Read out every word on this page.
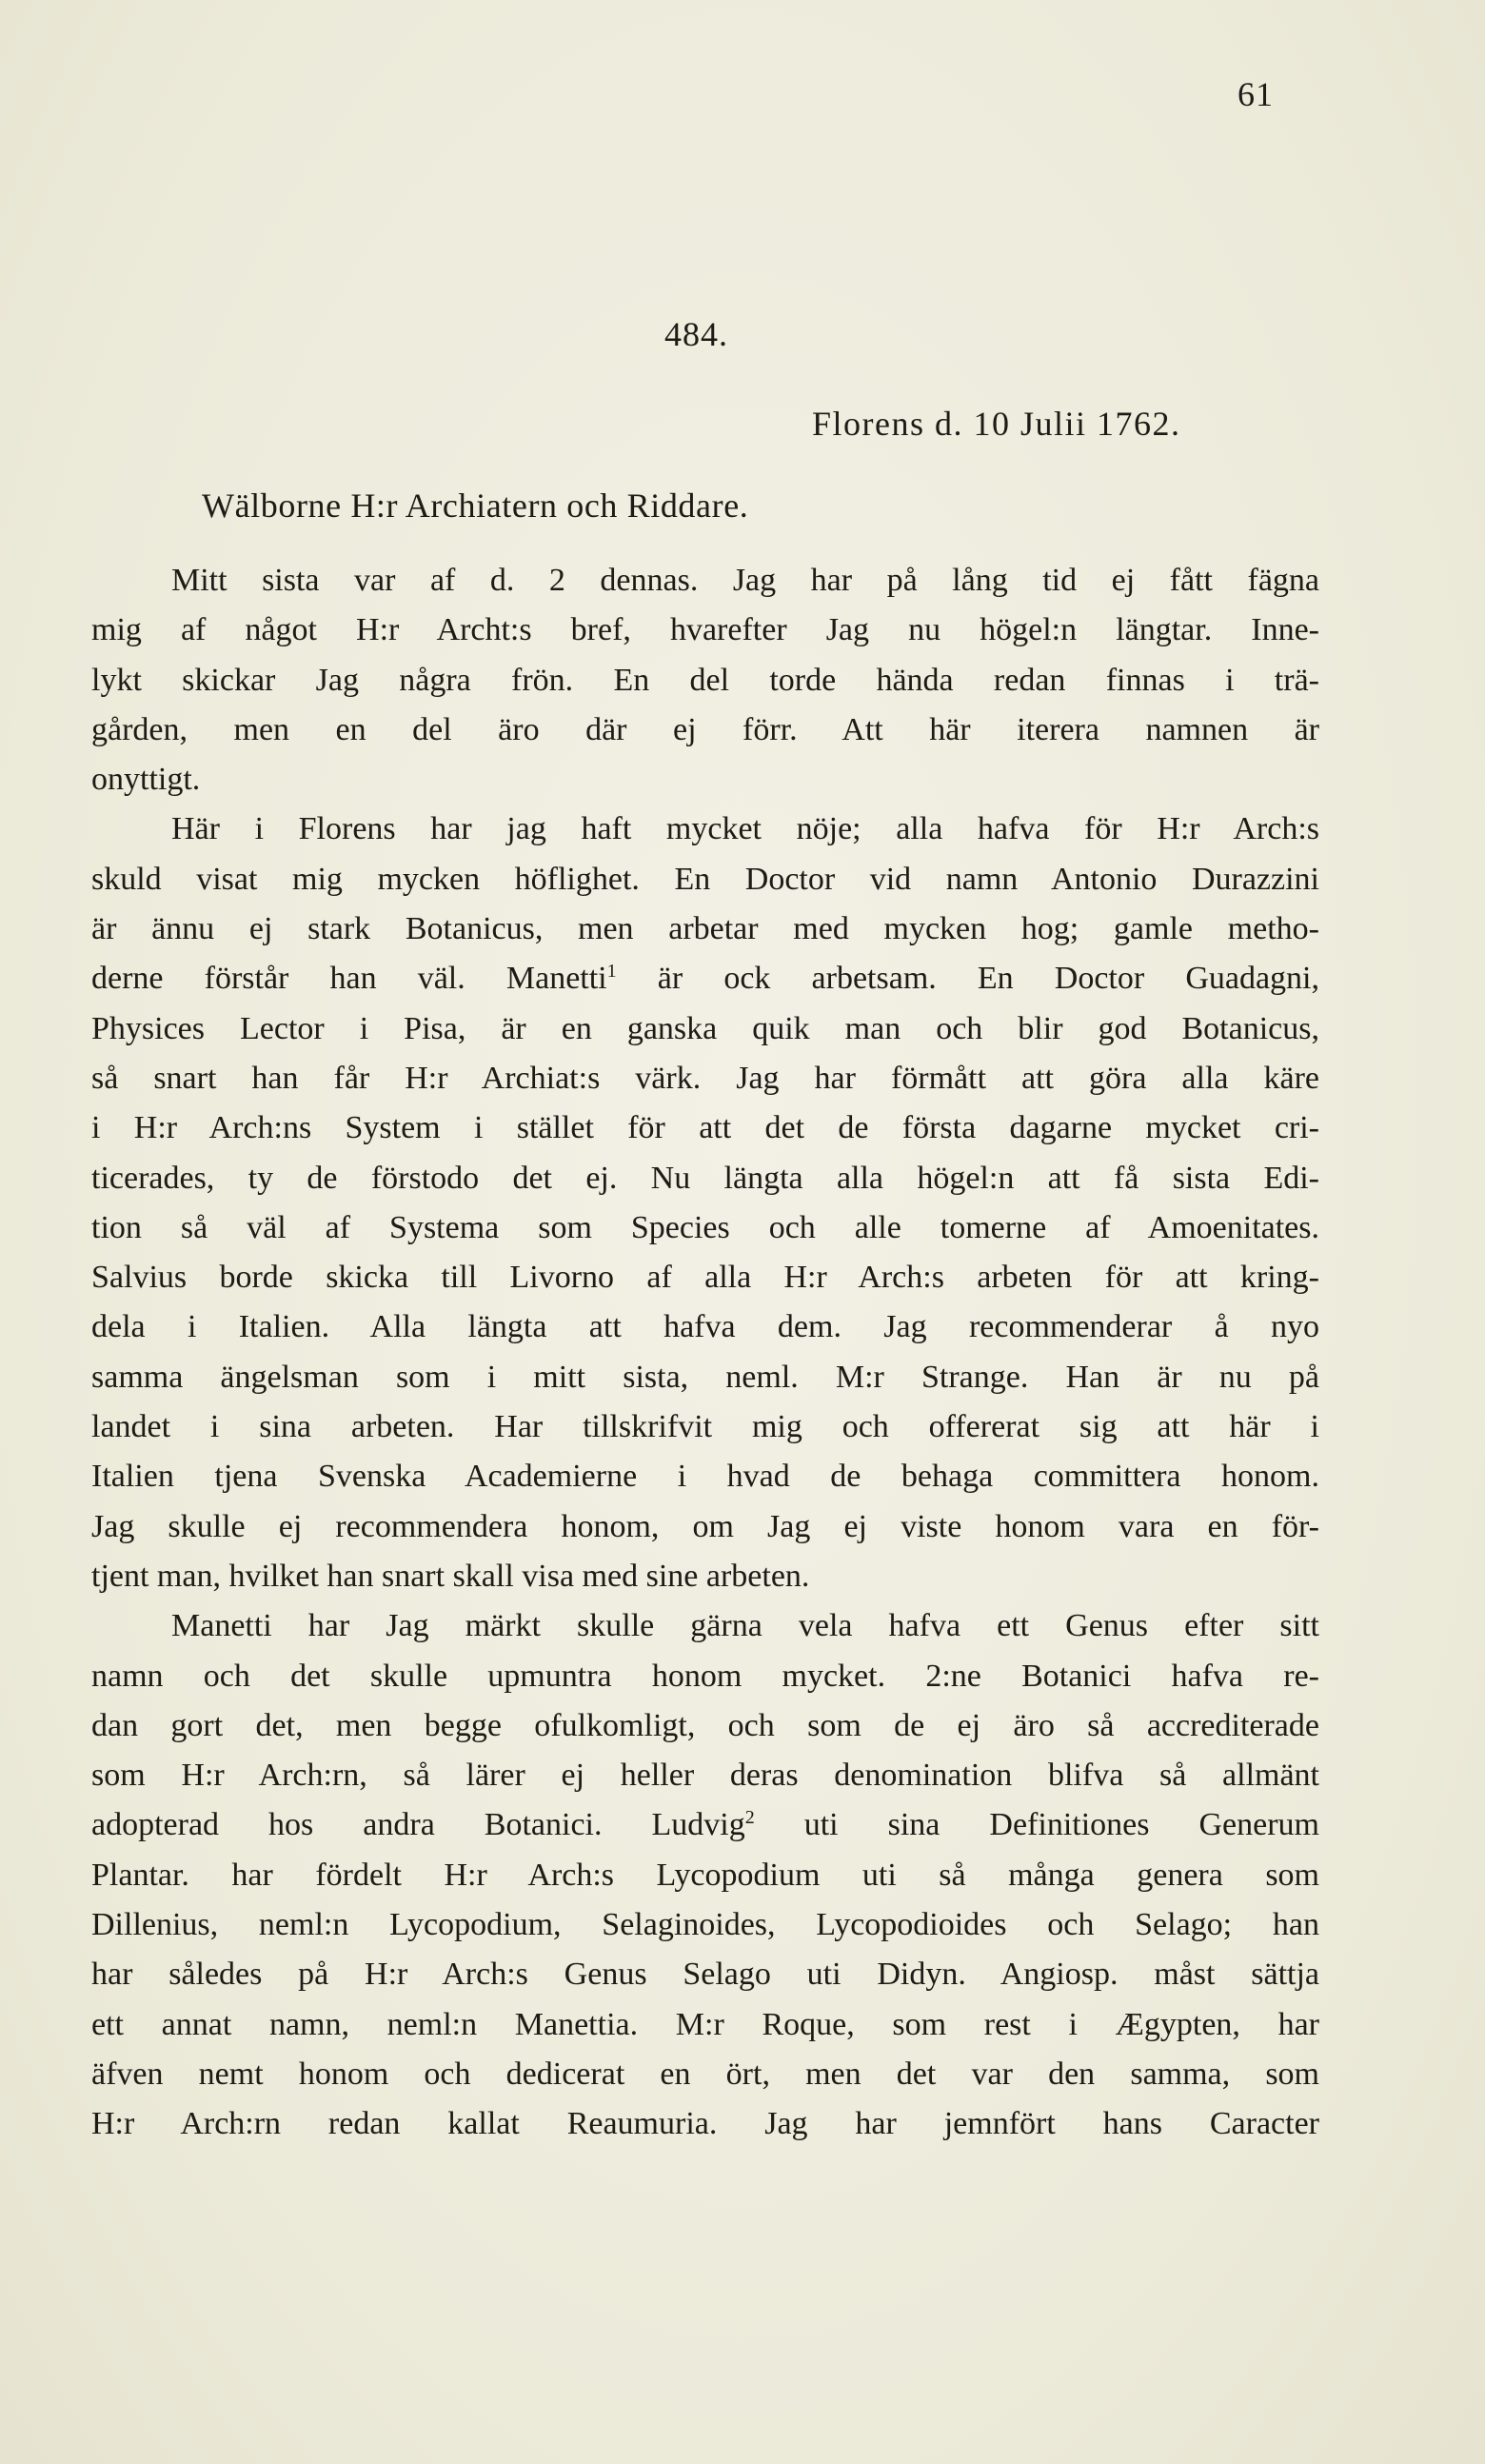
61
484.
Florens d. 10 Julii 1762.
Wälborne H:r Archiatern och Riddare.
Mitt sista var af d. 2 dennas. Jag har på lång tid ej fått fägna
mig af något H:r Archt:s bref, hvarefter Jag nu högel:n längtar. Inne-
lykt skickar Jag några frön. En del torde hända redan finnas i trä-
gården, men en del äro där ej förr. Att här iterera namnen är
onyttigt.
Här i Florens har jag haft mycket nöje; alla hafva för H:r Arch:s
skuld visat mig mycken höflighet. En Doctor vid namn Antonio Durazzini
är ännu ej stark Botanicus, men arbetar med mycken hog; gamle metho-
derne förstår han väl. Manetti$^1$ är ock arbetsam. En Doctor Guadagni,
Physices Lector i Pisa, är en ganska quik man och blir god Botanicus,
så snart han får H:r Archiat:s värk. Jag har förmått att göra alla käre
i H:r Arch:ns System i stället för att det de första dagarne mycket cri-
ticerades, ty de förstodo det ej. Nu längta alla högel:n att få sista Edi-
tion så väl af Systema som Species och alle tomerne af Amoenitates.
Salvius borde skicka till Livorno af alla H:r Arch:s arbeten för att kring-
dela i Italien. Alla längta att hafva dem. Jag recommenderar å nyo
samma ängelsman som i mitt sista, neml. M:r Strange. Han är nu på
landet i sina arbeten. Har tillskrifvit mig och offererat sig att här i
Italien tjena Svenska Academierne i hvad de behaga committera honom.
Jag skulle ej recommendera honom, om Jag ej viste honom vara en för-
tjent man, hvilket han snart skall visa med sine arbeten.
Manetti har Jag märkt skulle gärna vela hafva ett Genus efter sitt
namn och det skulle upmuntra honom mycket. 2:ne Botanici hafva re-
dan gort det, men begge ofulkomligt, och som de ej äro så accrediterade
som H:r Arch:rn, så lärer ej heller deras denomination blifva så allmänt
adopterad hos andra Botanici. Ludvig$^2$ uti sina Definitiones Generum
Plantar. har fördelt H:r Arch:s Lycopodium uti så många genera som
Dillenius, neml:n Lycopodium, Selaginoides, Lycopodioides och Selago; han
har således på H:r Arch:s Genus Selago uti Didyn. Angiosp. måst sättja
ett annat namn, neml:n Manettia. M:r Roque, som rest i Ægypten, har
äfven nemt honom och dedicerat en ört, men det var den samma, som
H:r Arch:rn redan kallat Reaumuria. Jag har jemnfört hans Caracter
